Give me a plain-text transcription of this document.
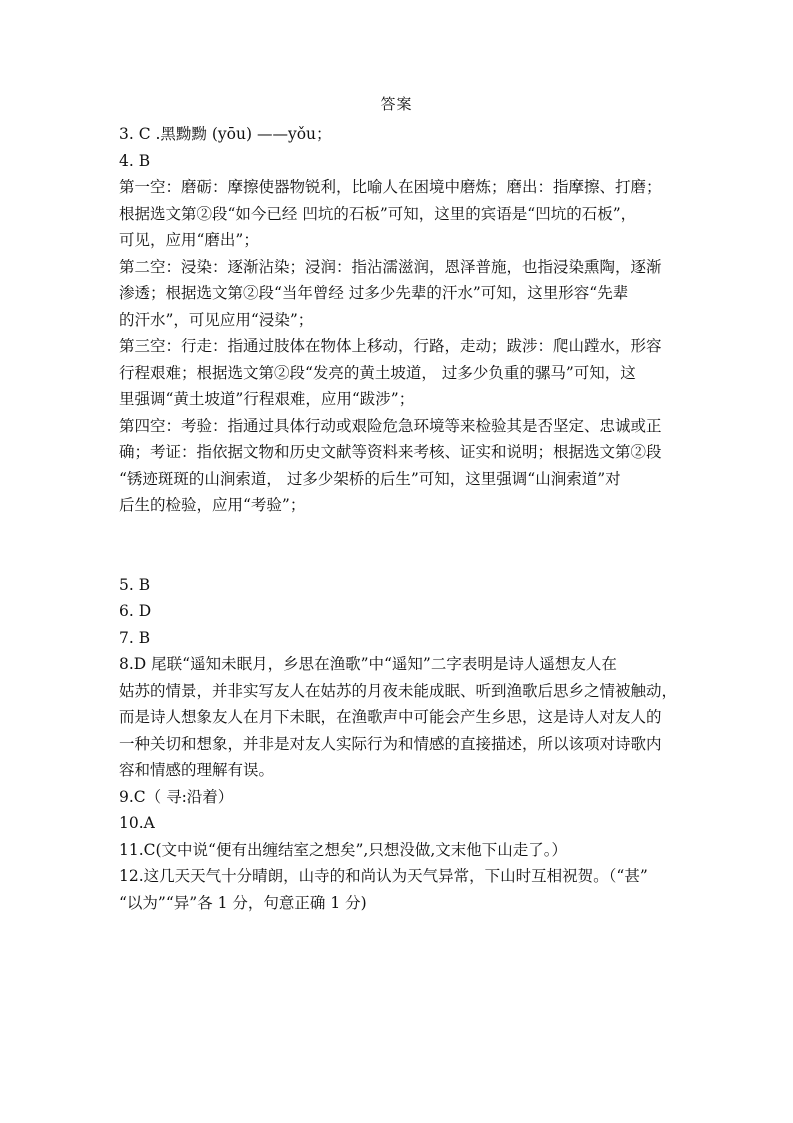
答案
3. C .黑黝黝 (yōu) ——yǒu；
4. B
第一空：磨砺：摩擦使器物锐利，比喻人在困境中磨炼；磨出：指摩擦、打磨；
根据选文第②段“如今已经 凹坑的石板”可知，这里的宾语是“凹坑的石板”，
可见，应用“磨出”；
第二空：浸染：逐渐沾染；浸润：指沾濡滋润，恩泽普施，也指浸染熏陶，逐渐
渗透；根据选文第②段“当年曾经 过多少先辈的汗水”可知，这里形容“先辈
的汗水”，可见应用“浸染”；
第三空：行走：指通过肢体在物体上移动，行路，走动；跋涉：爬山蹚水，形容
行程艰难；根据选文第②段“发亮的黄土坡道， 过多少负重的骡马”可知，这
里强调“黄土坡道”行程艰难，应用“跋涉”；
第四空：考验：指通过具体行动或艰险危急环境等来检验其是否坚定、忠诚或正
确；考证：指依据文物和历史文献等资料来考核、证实和说明；根据选文第②段
“锈迹斑斑的山涧索道， 过多少架桥的后生”可知，这里强调“山涧索道”对
后生的检验，应用“考验”；
5. B
6. D
7. B
8.D 尾联“遥知未眠月，乡思在渔歌”中“遥知”二字表明是诗人遥想友人在
姑苏的情景，并非实写友人在姑苏的月夜未能成眠、听到渔歌后思乡之情被触动，
而是诗人想象友人在月下未眠，在渔歌声中可能会产生乡思，这是诗人对友人的
一种关切和想象，并非是对友人实际行为和情感的直接描述，所以该项对诗歌内
容和情感的理解有误。
9.C（ 寻:沿着）
10.A
11.C(文中说“便有出缠结室之想矣”,只想没做,文末他下山走了。）
12.这几天天气十分晴朗，山寺的和尚认为天气异常，下山时互相祝贺。（“甚”
“以为”“异”各 1 分，句意正确 1 分)
